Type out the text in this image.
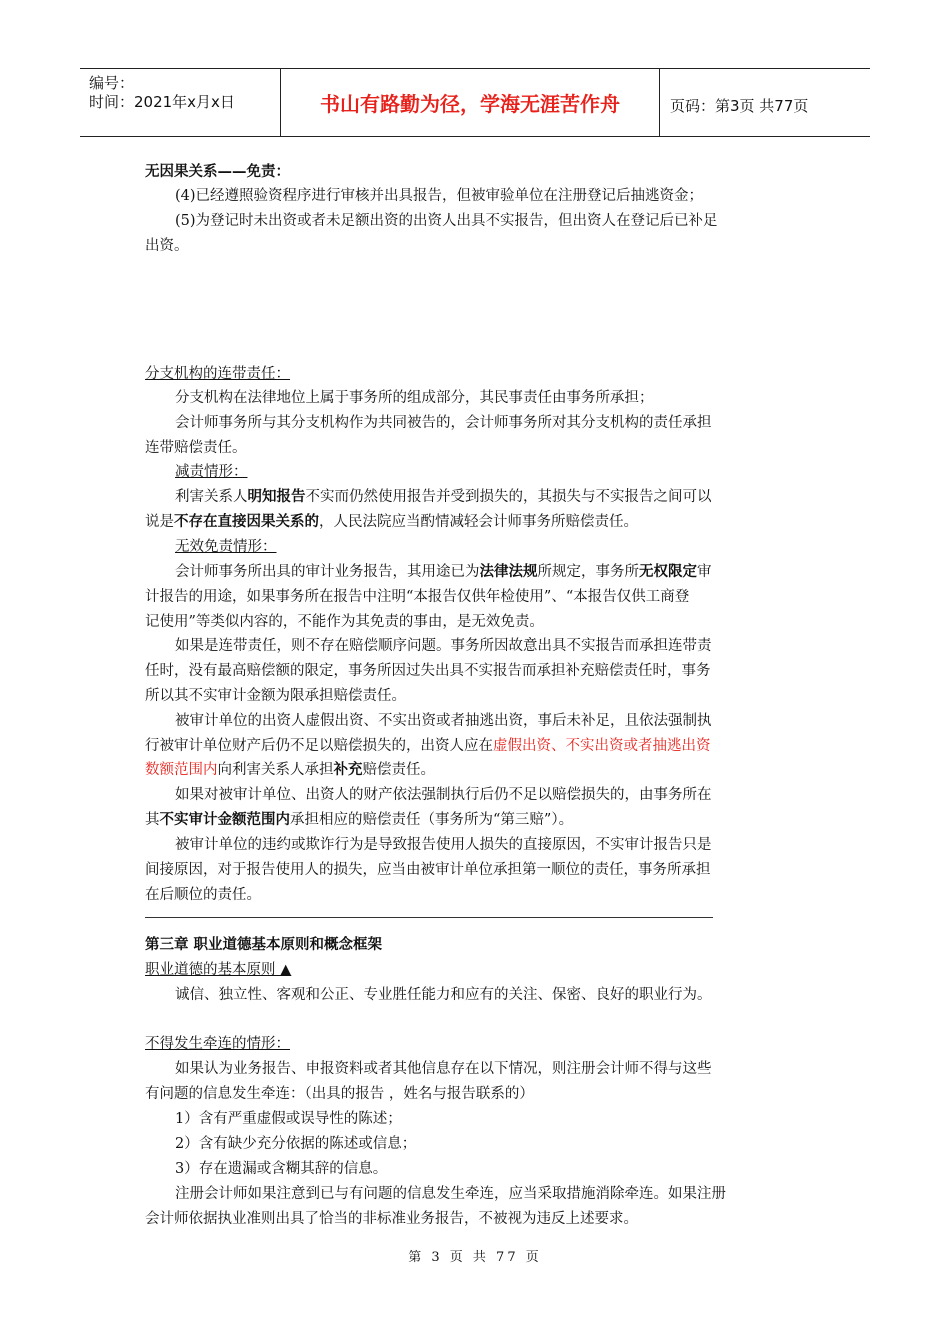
编号：
时间：2021年x月x日	书山有路勤为径，学海无涯苦作舟	页码：第3页 共77页
无因果关系——免责：
(4)已经遵照验资程序进行审核并出具报告，但被审验单位在注册登记后抽逃资金；
(5)为登记时未出资或者未足额出资的出资人出具不实报告，但出资人在登记后已补足
出资。
分支机构的连带责任：
分支机构在法律地位上属于事务所的组成部分，其民事责任由事务所承担；
会计师事务所与其分支机构作为共同被告的，会计师事务所对其分支机构的责任承担
连带赔偿责任。
减责情形：
利害关系人明知报告不实而仍然使用报告并受到损失的，其损失与不实报告之间可以
说是不存在直接因果关系的，人民法院应当酌情减轻会计师事务所赔偿责任。
无效免责情形：
会计师事务所出具的审计业务报告，其用途已为法律法规所规定，事务所无权限定审
计报告的用途，如果事务所在报告中注明“本报告仅供年检使用”、“本报告仅供工商登
记使用”等类似内容的，不能作为其免责的事由，是无效免责。
如果是连带责任，则不存在赔偿顺序问题。事务所因故意出具不实报告而承担连带责
任时，没有最高赔偿额的限定，事务所因过失出具不实报告而承担补充赔偿责任时，事务
所以其不实审计金额为限承担赔偿责任。
被审计单位的出资人虚假出资、不实出资或者抽逃出资，事后未补足，且依法强制执
行被审计单位财产后仍不足以赔偿损失的，出资人应在虚假出资、不实出资或者抽逃出资
数额范围内向利害关系人承担补充赔偿责任。
如果对被审计单位、出资人的财产依法强制执行后仍不足以赔偿损失的，由事务所在
其不实审计金额范围内承担相应的赔偿责任（事务所为“第三赔”）。
被审计单位的违约或欺诈行为是导致报告使用人损失的直接原因，不实审计报告只是
间接原因，对于报告使用人的损失，应当由被审计单位承担第一顺位的责任，事务所承担
在后顺位的责任。
第三章 职业道德基本原则和概念框架
职业道德的基本原则 ▲
诚信、独立性、客观和公正、专业胜任能力和应有的关注、保密、良好的职业行为。
不得发生牵连的情形：
如果认为业务报告、申报资料或者其他信息存在以下情况，则注册会计师不得与这些
有问题的信息发生牵连：（出具的报告 ，姓名与报告联系的）
1）含有严重虚假或误导性的陈述；
2）含有缺少充分依据的陈述或信息；
3）存在遗漏或含糊其辞的信息。
注册会计师如果注意到已与有问题的信息发生牵连，应当采取措施消除牵连。如果注册
会计师依据执业准则出具了恰当的非标准业务报告，不被视为违反上述要求。
第 3 页 共 77 页
